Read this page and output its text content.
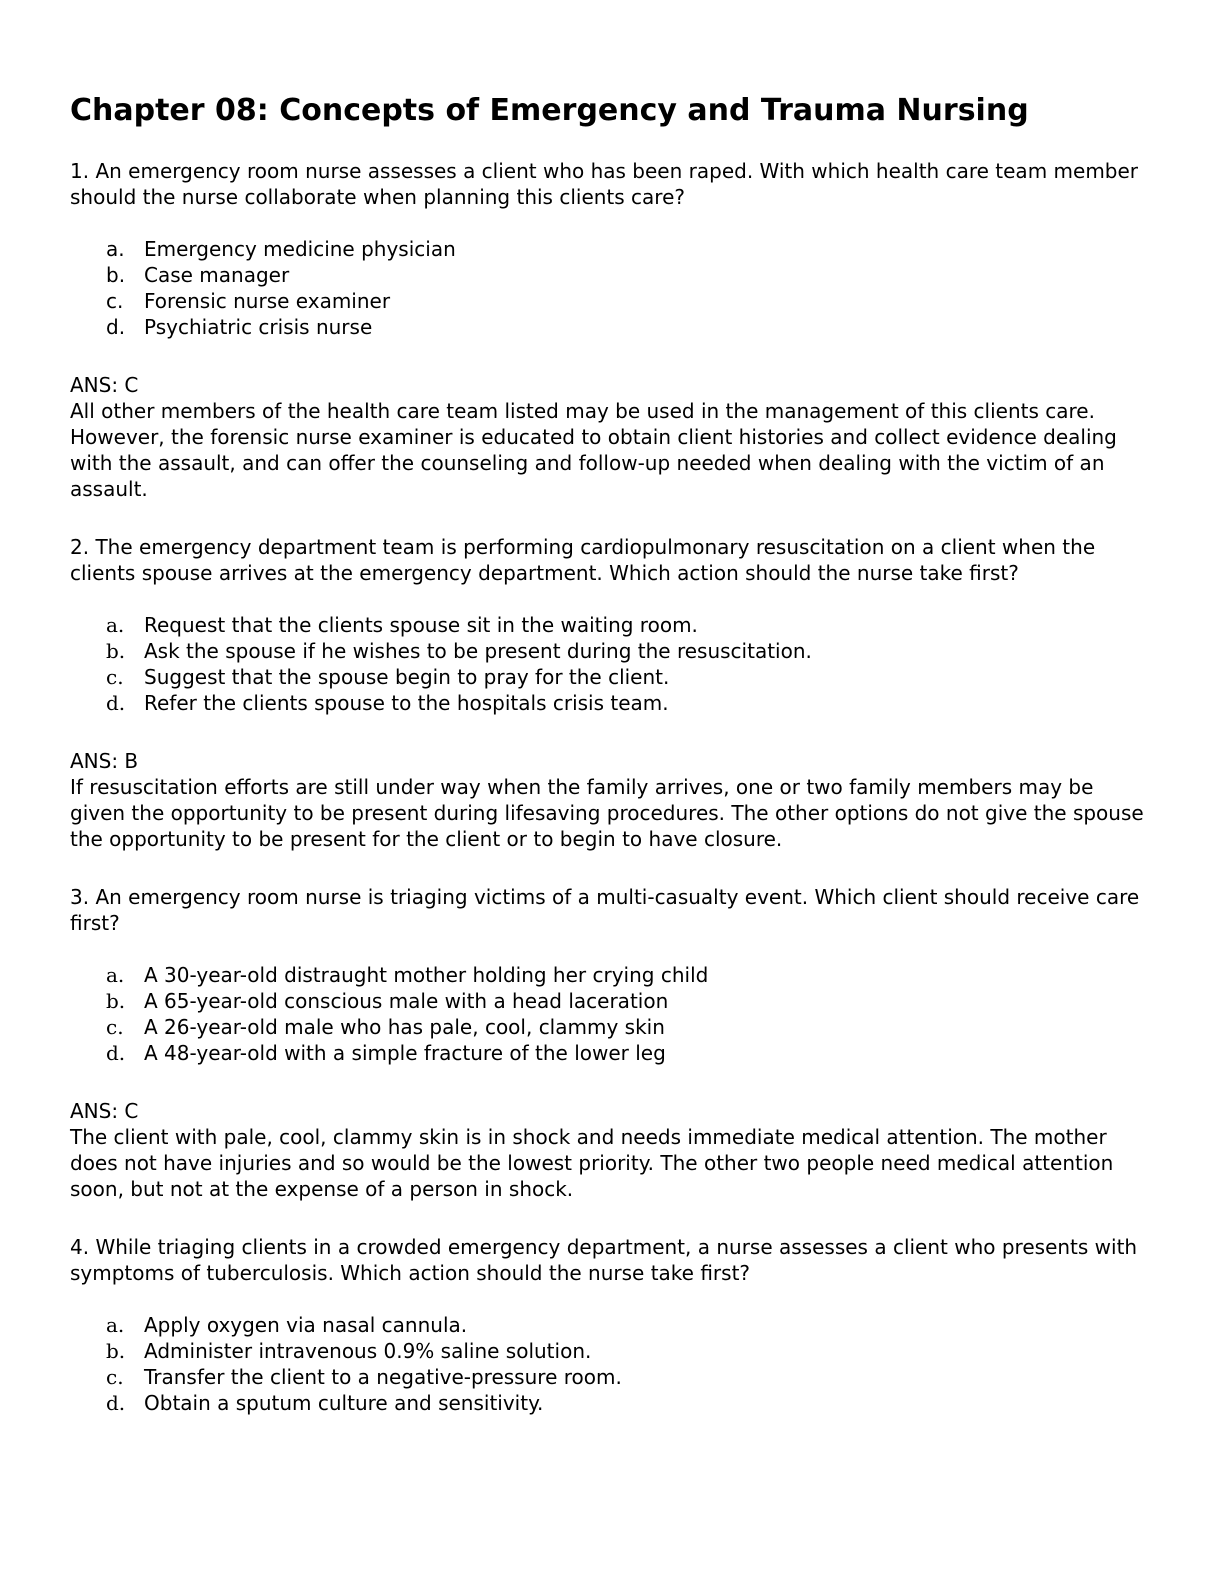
Chapter 08: Concepts of Emergency and Trauma Nursing

1. An emergency room nurse assesses a client who has been raped. With which health care team member should the nurse collaborate when planning this clients care?

a. Emergency medicine physician
b. Case manager
c.	Forensic nurse examiner
d. Psychiatric crisis nurse

ANS: C

All other members of the health care team listed may be used in the management of this clients care. However, the forensic nurse examiner is educated to obtain client histories and collect evidence dealing with the assault, and can offer the counseling and follow-up needed when dealing with the victim of an assault.

2. The emergency department team is performing cardiopulmonary resuscitation on a client when the clients spouse arrives at the emergency department. Which action should the nurse take first?

a. Request that the clients spouse sit in the waiting room.
b. Ask the spouse if he wishes to be present during the resuscitation.
c.	Suggest that the spouse begin to pray for the client.
d. Refer the clients spouse to the hospitals crisis team.

ANS: B

If resuscitation efforts are still under way when the family arrives, one or two family members may be given the opportunity to be present during lifesaving procedures. The other options do not give the spouse the opportunity to be present for the client or to begin to have closure.

3. An emergency room nurse is triaging victims of a multi-casualty event. Which client should receive care first?

a. A 30-year-old distraught mother holding her crying child
b. A 65-year-old conscious male with a head laceration
c.	A 26-year-old male who has pale, cool, clammy skin
d. A 48-year-old with a simple fracture of the lower leg

ANS: C

The client with pale, cool, clammy skin is in shock and needs immediate medical attention. The mother does not have injuries and so would be the lowest priority. The other two people need medical attention soon, but not at the expense of a person in shock.

4. While triaging clients in a crowded emergency department, a nurse assesses a client who presents with symptoms of tuberculosis. Which action should the nurse take first?

a. Apply oxygen via nasal cannula.
b. Administer intravenous 0.9% saline solution.
c.	Transfer the client to a negative-pressure room.
d. Obtain a sputum culture and sensitivity.
